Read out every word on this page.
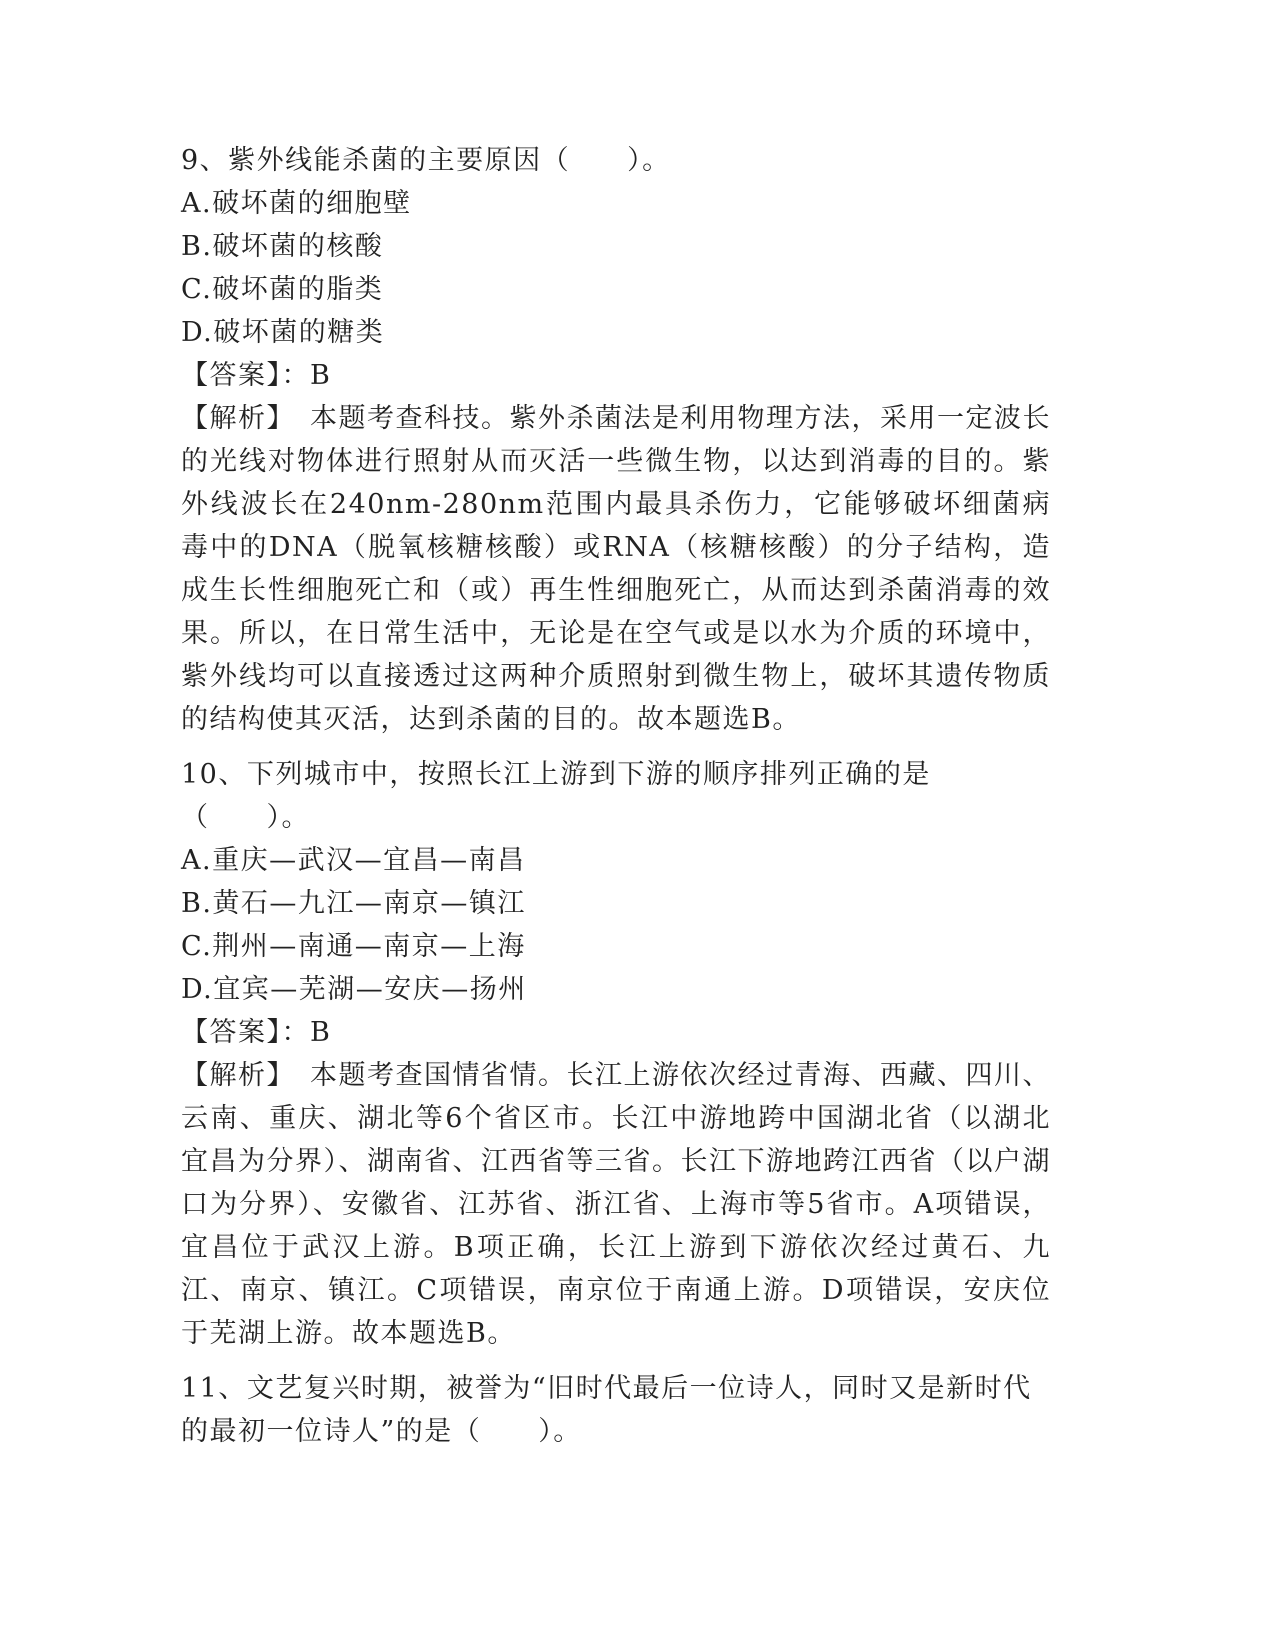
9、紫外线能杀菌的主要原因（　　）。

A.破坏菌的细胞壁

B.破坏菌的核酸

C.破坏菌的脂类

D.破坏菌的糖类

【答案】：B

【解析】　本题考查科技。紫外杀菌法是利用物理方法，采用一定波长的光线对物体进行照射从而灭活一些微生物，以达到消毒的目的。紫外线波长在240nm-280nm范围内最具杀伤力，它能够破坏细菌病毒中的DNA（脱氧核糖核酸）或RNA（核糖核酸）的分子结构，造成生长性细胞死亡和（或）再生性细胞死亡，从而达到杀菌消毒的效果。所以，在日常生活中，无论是在空气或是以水为介质的环境中，紫外线均可以直接透过这两种介质照射到微生物上，破坏其遗传物质的结构使其灭活，达到杀菌的目的。故本题选B。

10、下列城市中，按照长江上游到下游的顺序排列正确的是（　　）。

A.重庆—武汉—宜昌—南昌

B.黄石—九江—南京—镇江

C.荆州—南通—南京—上海

D.宜宾—芜湖—安庆—扬州

【答案】：B

【解析】　本题考查国情省情。长江上游依次经过青海、西藏、四川、云南、重庆、湖北等6个省区市。长江中游地跨中国湖北省（以湖北宜昌为分界）、湖南省、江西省等三省。长江下游地跨江西省（以户湖口为分界）、安徽省、江苏省、浙江省、上海市等5省市。A项错误，宜昌位于武汉上游。B项正确，长江上游到下游依次经过黄石、九江、南京、镇江。C项错误，南京位于南通上游。D项错误，安庆位于芜湖上游。故本题选B。

11、文艺复兴时期，被誉为“旧时代最后一位诗人，同时又是新时代的最初一位诗人”的是（　　）。
